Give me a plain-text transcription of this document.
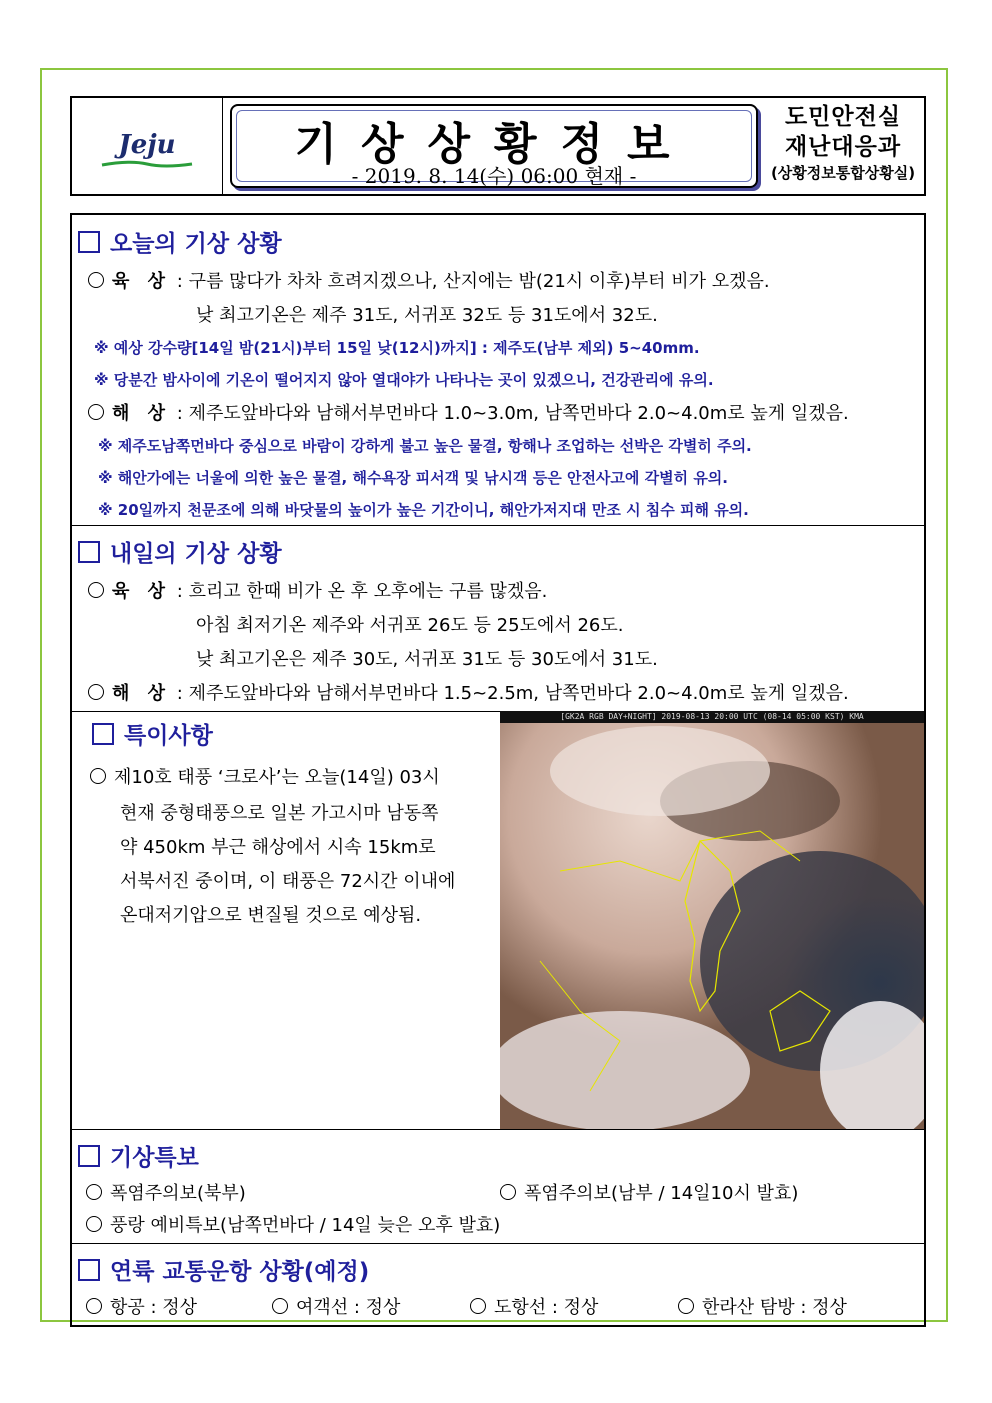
Jeju	기상상황정보
- 2019. 8. 14(수) 06:00 현재 -
도민안전실
재난대응과
(상황정보통합상황실)
오늘의 기상 상황
육 상 : 구름 많다가 차차 흐려지겠으나, 산지에는 밤(21시 이후)부터 비가 오겠음.
낮 최고기온은 제주 31도, 서귀포 32도 등 31도에서 32도.
※ 예상 강수량[14일 밤(21시)부터 15일 낮(12시)까지] : 제주도(남부 제외) 5~40mm.
※ 당분간 밤사이에 기온이 떨어지지 않아 열대야가 나타나는 곳이 있겠으니, 건강관리에 유의.
해 상 : 제주도앞바다와 남해서부먼바다 1.0~3.0m, 남쪽먼바다 2.0~4.0m로 높게 일겠음.
※ 제주도남쪽먼바다 중심으로 바람이 강하게 불고 높은 물결, 항해나 조업하는 선박은 각별히 주의.
※ 해안가에는 너울에 의한 높은 물결, 해수욕장 피서객 및 낚시객 등은 안전사고에 각별히 유의.
※ 20일까지 천문조에 의해 바닷물의 높이가 높은 기간이니, 해안가저지대 만조 시 침수 피해 유의.
내일의 기상 상황
육 상 : 흐리고 한때 비가 온 후 오후에는 구름 많겠음.
아침 최저기온 제주와 서귀포 26도 등 25도에서 26도.
낮 최고기온은 제주 30도, 서귀포 31도 등 30도에서 31도.
해 상 : 제주도앞바다와 남해서부먼바다 1.5~2.5m, 남쪽먼바다 2.0~4.0m로 높게 일겠음.
특이사항
제10호 태풍 ‘크로사’는 오늘(14일) 03시
현재 중형태풍으로 일본 가고시마 남동쪽
약 450km 부근 해상에서 시속 15km로
서북서진 중이며, 이 태풍은 72시간 이내에
온대저기압으로 변질될 것으로 예상됨.
[GK2A RGB DAY+NIGHT] 2019-08-13 20:00 UTC (08-14 05:00 KST) KMA
기상특보
폭염주의보(북부)	폭염주의보(남부 / 14일10시 발효)
풍랑 예비특보(남쪽먼바다 / 14일 늦은 오후 발효)
연륙 교통운항 상황(예정)
항공 : 정상	여객선 : 정상	도항선 : 정상	한라산 탐방 : 정상
